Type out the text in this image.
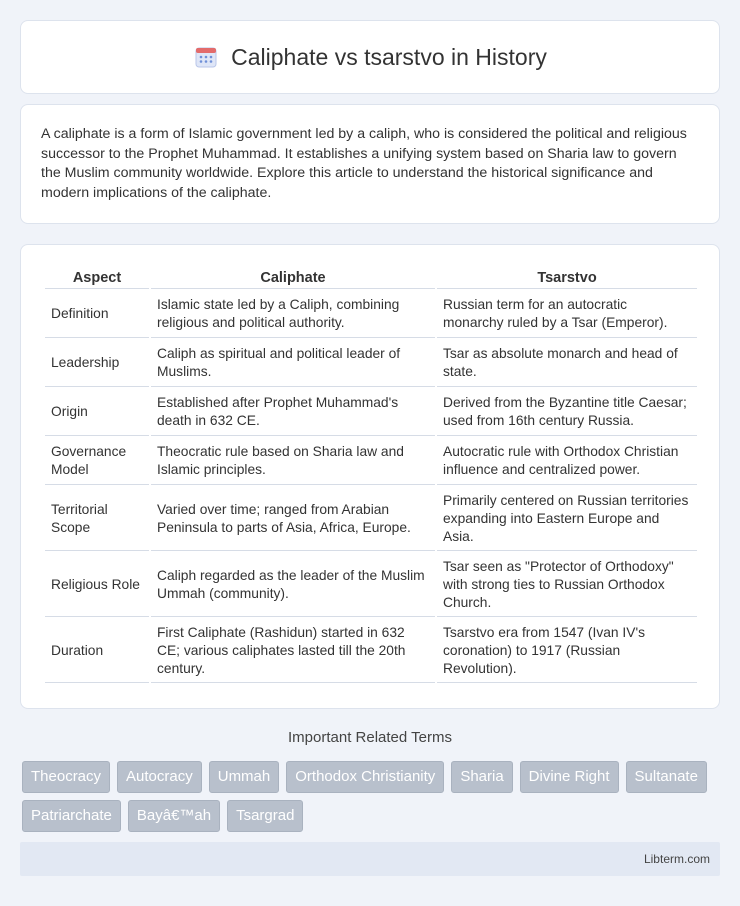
Caliphate vs tsarstvo in History

A caliphate is a form of Islamic government led by a caliph, who is considered the political and religious successor to the Prophet Muhammad. It establishes a unifying system based on Sharia law to govern the Muslim community worldwide. Explore this article to understand the historical significance and modern implications of the caliphate.

Aspect	Caliphate	Tsarstvo
Definition	Islamic state led by a Caliph, combining religious and political authority.	Russian term for an autocratic monarchy ruled by a Tsar (Emperor).
Leadership	Caliph as spiritual and political leader of Muslims.	Tsar as absolute monarch and head of state.
Origin	Established after Prophet Muhammad's death in 632 CE.	Derived from the Byzantine title Caesar; used from 16th century Russia.
Governance Model	Theocratic rule based on Sharia law and Islamic principles.	Autocratic rule with Orthodox Christian influence and centralized power.
Territorial Scope	Varied over time; ranged from Arabian Peninsula to parts of Asia, Africa, Europe.	Primarily centered on Russian territories expanding into Eastern Europe and Asia.
Religious Role	Caliph regarded as the leader of the Muslim Ummah (community).	Tsar seen as "Protector of Orthodoxy" with strong ties to Russian Orthodox Church.
Duration	First Caliphate (Rashidun) started in 632 CE; various caliphates lasted till the 20th century.	Tsarstvo era from 1547 (Ivan IV's coronation) to 1917 (Russian Revolution).
Important Related Terms
Theocracy	Autocracy	Ummah	Orthodox Christianity	Sharia	Divine Right	Sultanate
Patriarchate	Bayâ€™ah	Tsargrad
Libterm.com
